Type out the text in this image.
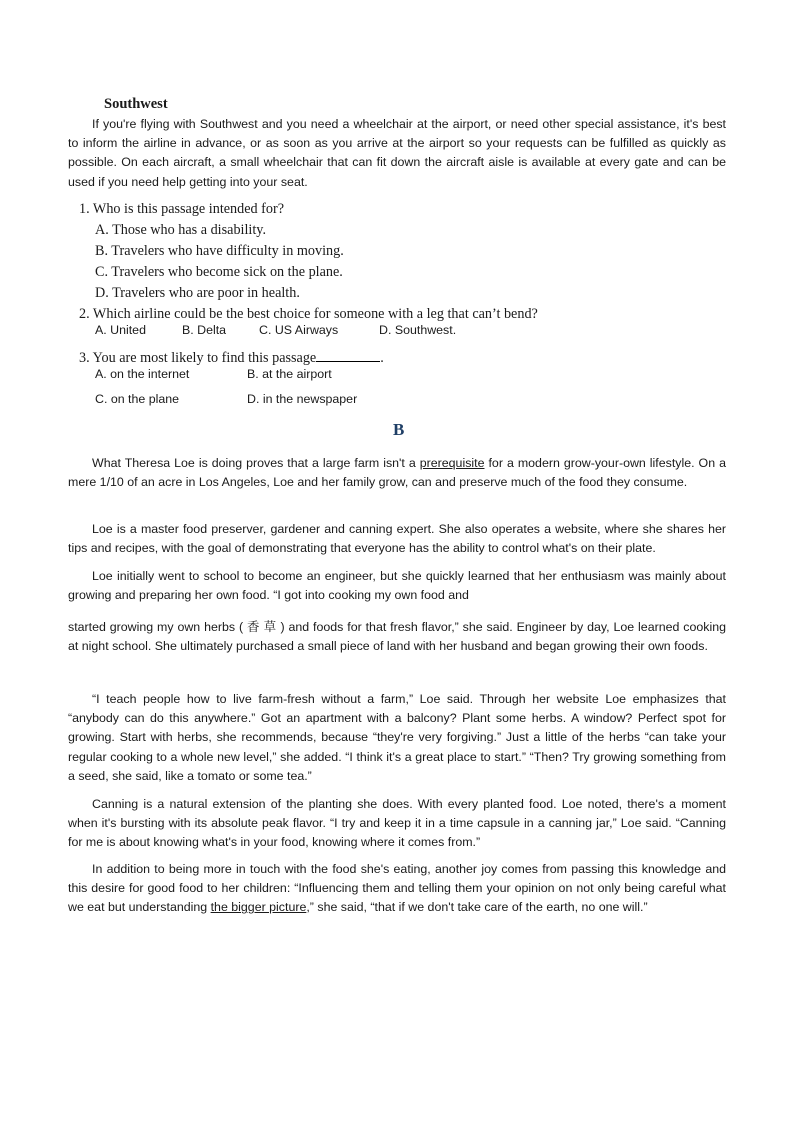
Southwest

If you're flying with Southwest and you need a wheelchair at the airport, or need other special assistance, it's best to inform the airline in advance, or as soon as you arrive at the airport so your requests can be fulfilled as quickly as possible. On each aircraft, a small wheelchair that can fit down the aircraft aisle is available at every gate and can be used if you need help getting into your seat.

1. Who is this passage intended for?
A. Those who has a disability.
B. Travelers who have difficulty in moving.
C. Travelers who become sick on the plane.
D. Travelers who are poor in health.
2. Which airline could be the best choice for someone with a leg that can’t bend?
A. United	B. Delta	C. US Airways	D. Southwest.
3. You are most likely to find this passage	.
A. on the internet	B. at the airport
C. on the plane	D. in the newspaper
B

What Theresa Loe is doing proves that a large farm isn't a prerequisite for a modern grow-your-own lifestyle. On a mere 1/10 of an acre in Los Angeles, Loe and her family grow, can and preserve much of the food they consume.

Loe is a master food preserver, gardener and canning expert. She also operates a website, where she shares her tips and recipes, with the goal of demonstrating that everyone has the ability to control what's on their plate.

Loe initially went to school to become an engineer, but she quickly learned that her enthusiasm was mainly about growing and preparing her own food. “I got into cooking my own food and

started growing my own herbs ( 香 草 ) and foods for that fresh flavor,” she said. Engineer by day, Loe learned cooking at night school. She ultimately purchased a small piece of land with her husband and began growing their own foods.

“I teach people how to live farm-fresh without a farm,” Loe said. Through her website Loe emphasizes that “anybody can do this anywhere.” Got an apartment with a balcony? Plant some herbs. A window? Perfect spot for growing. Start with herbs, she recommends, because “they're very forgiving.” Just a little of the herbs “can take your regular cooking to a whole new level,” she added. “I think it's a great place to start.” “Then? Try growing something from a seed, she said, like a tomato or some tea.”

Canning is a natural extension of the planting she does. With every planted food. Loe noted, there's a moment when it's bursting with its absolute peak flavor. “I try and keep it in a time capsule in a canning jar,” Loe said. “Canning for me is about knowing what's in your food, knowing where it comes from.”

In addition to being more in touch with the food she's eating, another joy comes from passing this knowledge and this desire for good food to her children: “Influencing them and telling them your opinion on not only being careful what we eat but understanding the bigger picture,” she said, “that if we don't take care of the earth, no one will.”
